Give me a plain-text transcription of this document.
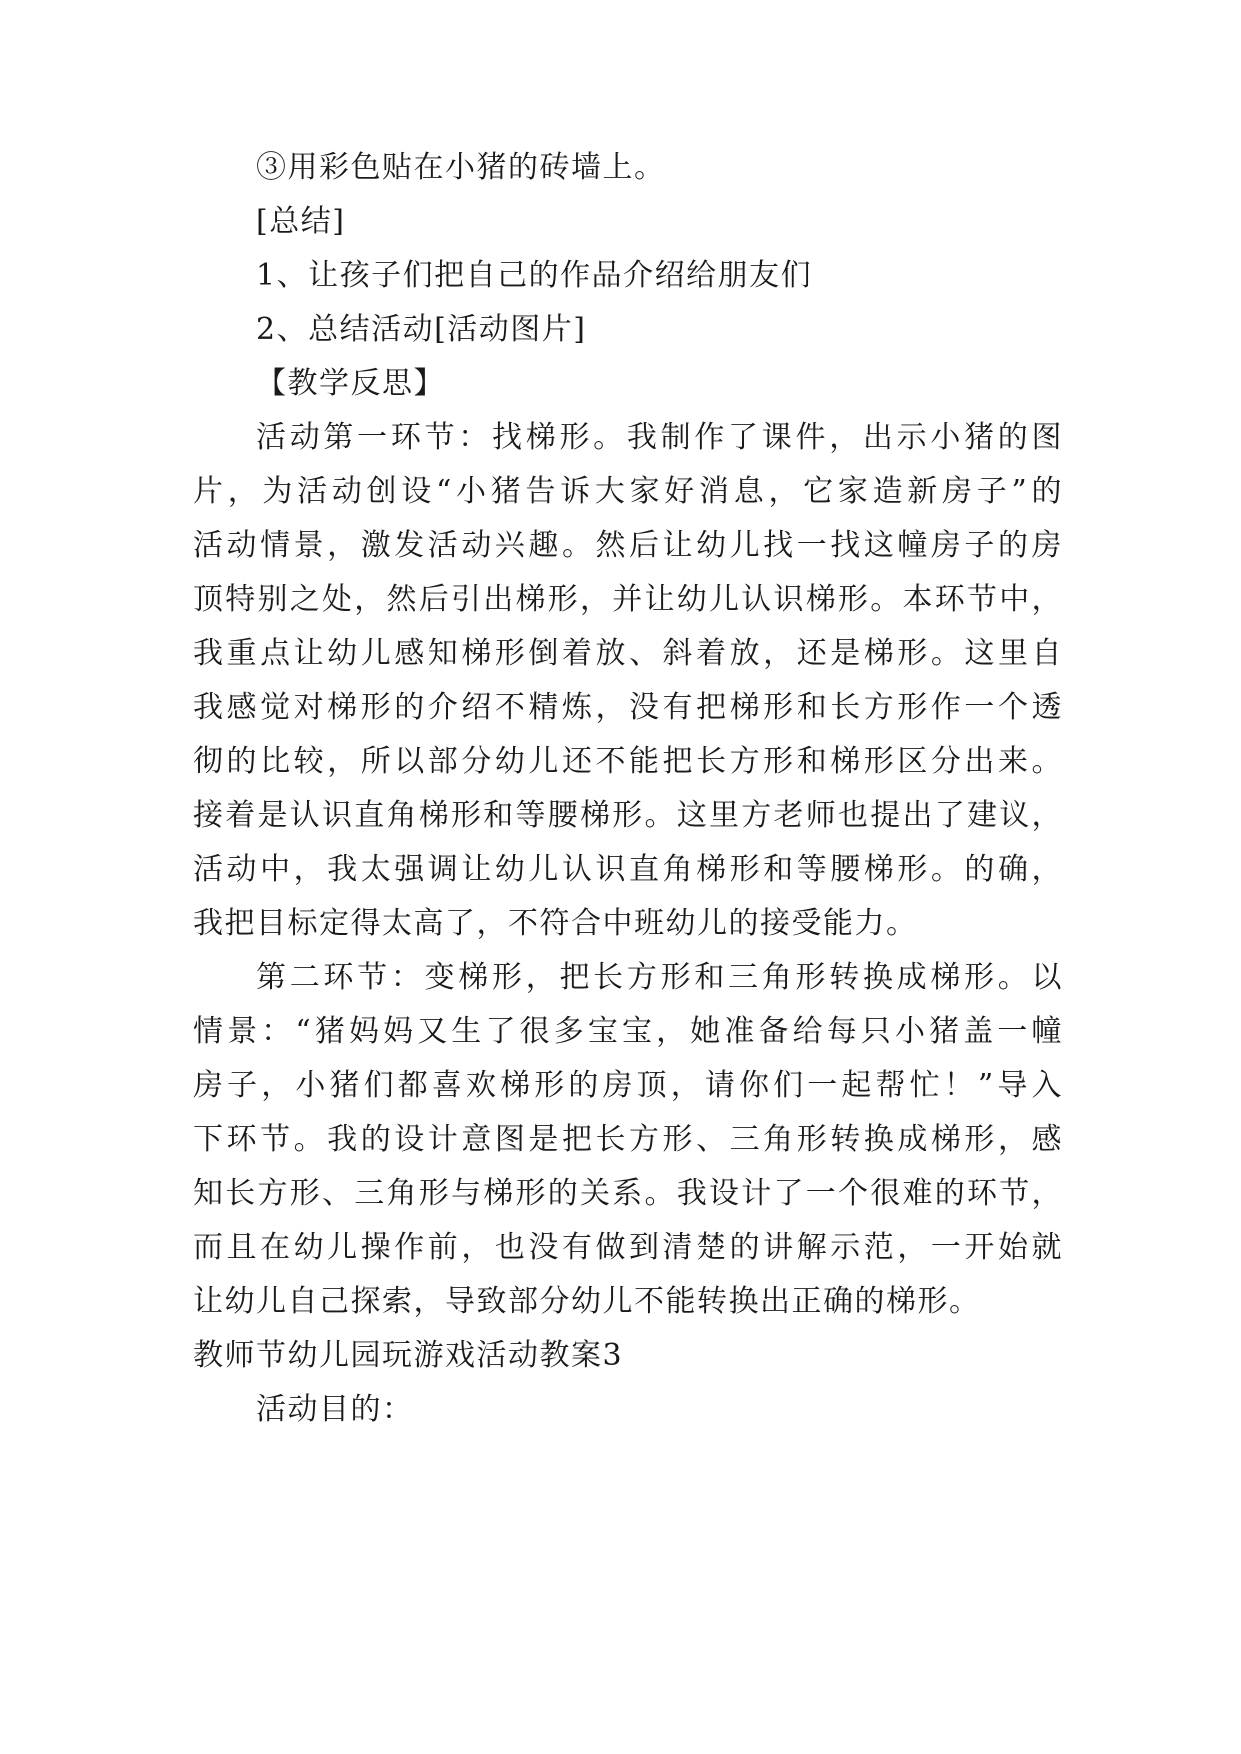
③用彩色贴在小猪的砖墙上。
[总结]
1、让孩子们把自己的作品介绍给朋友们
2、总结活动[活动图片]
【教学反思】
活动第一环节：找梯形。我制作了课件，出示小猪的图
片，为活动创设“小猪告诉大家好消息，它家造新房子”的
活动情景，激发活动兴趣。然后让幼儿找一找这幢房子的房
顶特别之处，然后引出梯形，并让幼儿认识梯形。本环节中，
我重点让幼儿感知梯形倒着放、斜着放，还是梯形。这里自
我感觉对梯形的介绍不精炼，没有把梯形和长方形作一个透
彻的比较，所以部分幼儿还不能把长方形和梯形区分出来。
接着是认识直角梯形和等腰梯形。这里方老师也提出了建议，
活动中，我太强调让幼儿认识直角梯形和等腰梯形。的确，
我把目标定得太高了，不符合中班幼儿的接受能力。
第二环节：变梯形，把长方形和三角形转换成梯形。以
情景：“猪妈妈又生了很多宝宝，她准备给每只小猪盖一幢
房子，小猪们都喜欢梯形的房顶，请你们一起帮忙！”导入
下环节。我的设计意图是把长方形、三角形转换成梯形，感
知长方形、三角形与梯形的关系。我设计了一个很难的环节，
而且在幼儿操作前，也没有做到清楚的讲解示范，一开始就
让幼儿自己探索，导致部分幼儿不能转换出正确的梯形。
教师节幼儿园玩游戏活动教案3
活动目的：
